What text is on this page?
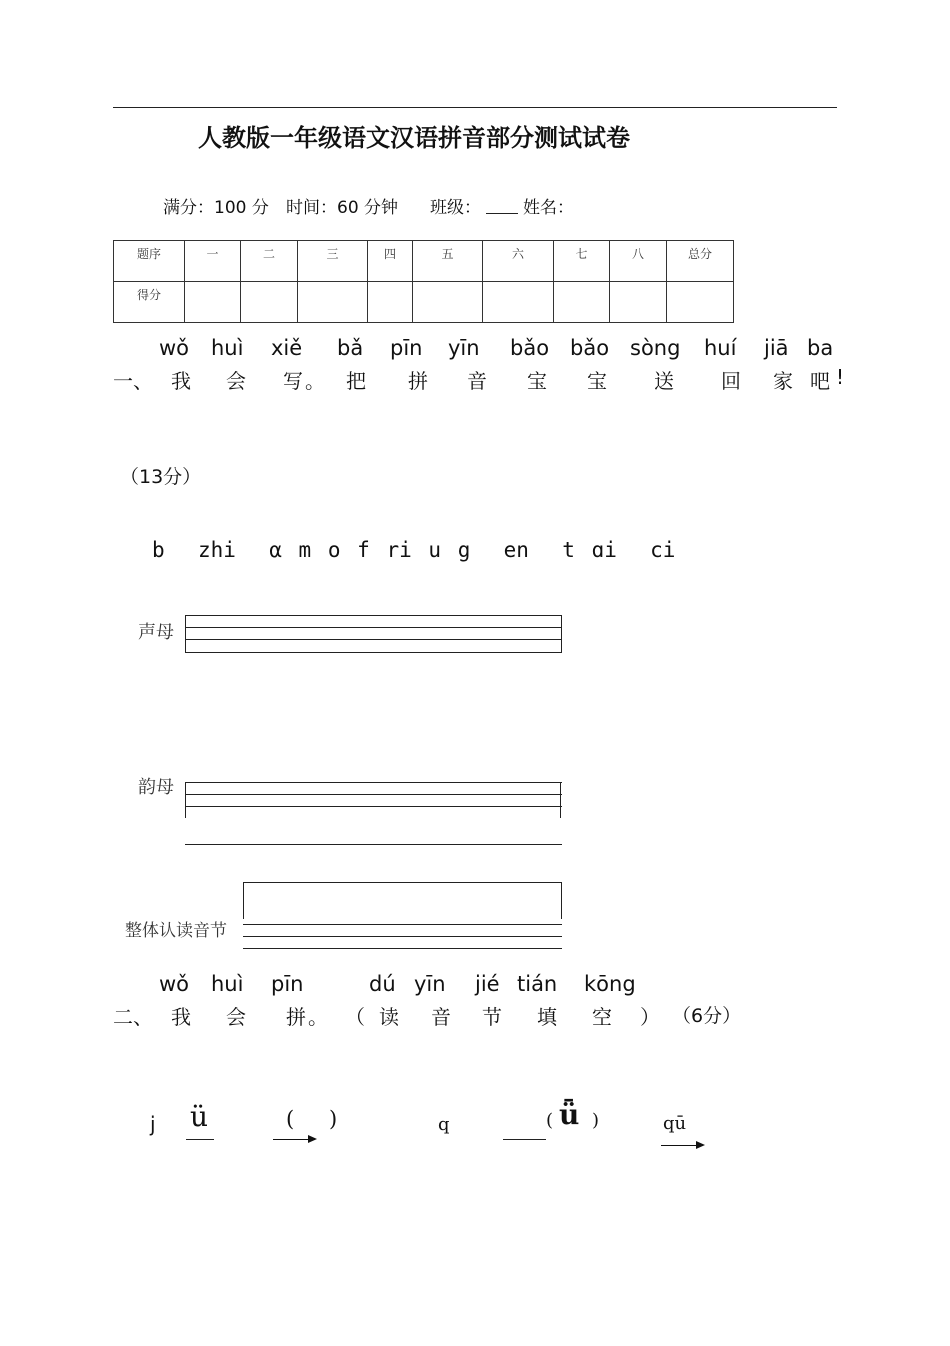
人教版一年级语文汉语拼音部分测试试卷
满分：100 分 时间：60 分钟 班级： 姓名：
题序	一	二	三	四	五	六	七	八	总分
得分									
wǒ huì xiě bǎ pīn yīn bǎo bǎo sòng huí jiā ba
一、 我 会 写 。 把 拼 音 宝 宝 送 回 家 吧 !
（13分）
b zhi α m o f ri u g en t ɑi ci
声母
韵母
整体认读音节
wǒ huì pīn	dú yīn jié tián kōng
二、 我 会 拼 。 （ 读 音 节 填 空 ） （6分）
j ü	( )	q	( ǖ )	qū
